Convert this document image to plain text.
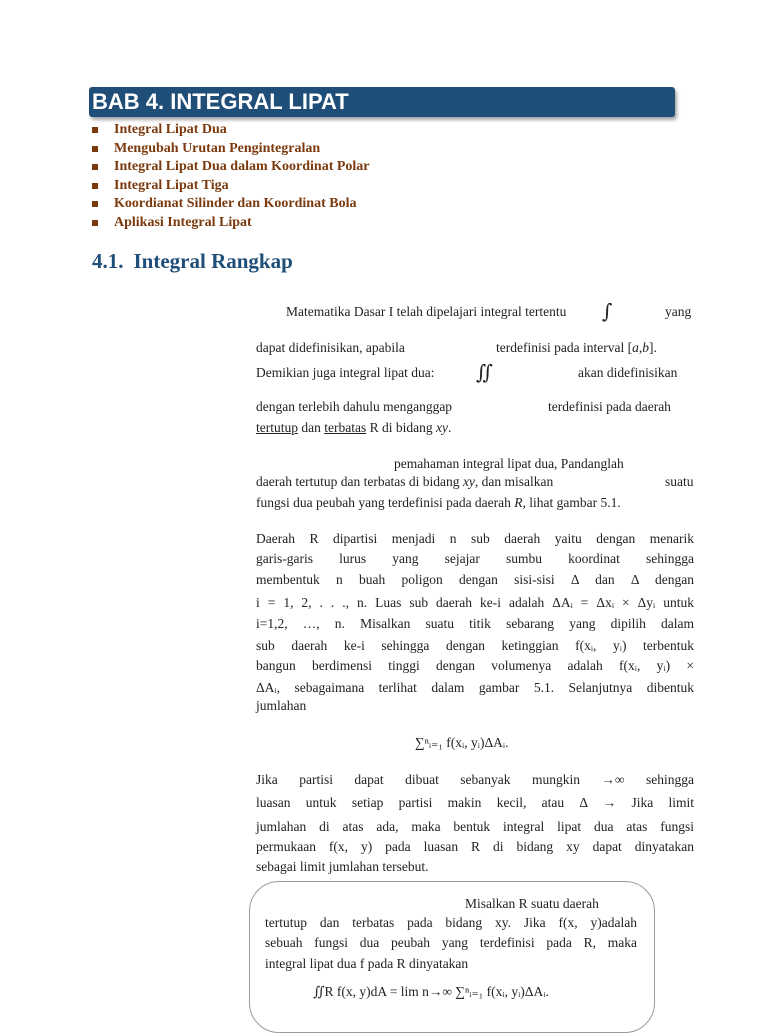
BAB 4. INTEGRAL LIPAT
Integral Lipat Dua
Mengubah Urutan Pengintegralan
Integral Lipat Dua dalam Koordinat Polar
Integral Lipat Tiga
Koordianat Silinder dan Koordinat Bola
Aplikasi Integral Lipat
4.1. Integral Rangkap
Matematika Dasar I telah dipelajari integral tertentu ∫	yang
dapat didefinisikan, apabila	terdefinisi pada interval [a,b].
Demikian juga integral lipat dua: ∬	akan didefinisikan
dengan terlebih dahulu menganggap	terdefinisi pada daerah
tertutup dan terbatas R di bidang xy.
pemahaman integral lipat dua, Pandanglah
daerah tertutup dan terbatas di bidang xy, dan misalkan	suatu
fungsi dua peubah yang terdefinisi pada daerah R, lihat gambar 5.1.
Daerah R dipartisi menjadi n sub daerah yaitu dengan menarik
garis-garis lurus yang sejajar sumbu koordinat sehingga
membentuk n buah poligon dengan sisi-sisi Δ dan Δ dengan
i = 1, 2, . . ., n. Luas sub daerah ke-i adalah ΔAᵢ = Δxᵢ × Δyᵢ untuk
i=1,2, …, n. Misalkan suatu titik sebarang yang dipilih dalam
sub daerah ke-i sehingga dengan ketinggian f(xᵢ, yᵢ) terbentuk
bangun berdimensi tinggi dengan volumenya adalah f(xᵢ, yᵢ) ×
ΔAᵢ, sebagaimana terlihat dalam gambar 5.1. Selanjutnya dibentuk
jumlahan
∑ⁿᵢ₌₁ f(xᵢ, yᵢ)ΔAᵢ.
Jika partisi dapat dibuat sebanyak mungkin →∞ sehingga
luasan untuk setiap partisi makin kecil, atau Δ → Jika limit
jumlahan di atas ada, maka bentuk integral lipat dua atas fungsi
permukaan f(x, y) pada luasan R di bidang xy dapat dinyatakan
sebagai limit jumlahan tersebut.
Misalkan R suatu daerah
tertutup dan terbatas pada bidang xy. Jika f(x, y)adalah
sebuah fungsi dua peubah yang terdefinisi pada R, maka
integral lipat dua f pada R dinyatakan
∬R f(x, y)dA = lim n→∞ ∑ⁿᵢ₌₁ f(xᵢ, yᵢ)ΔAᵢ.
